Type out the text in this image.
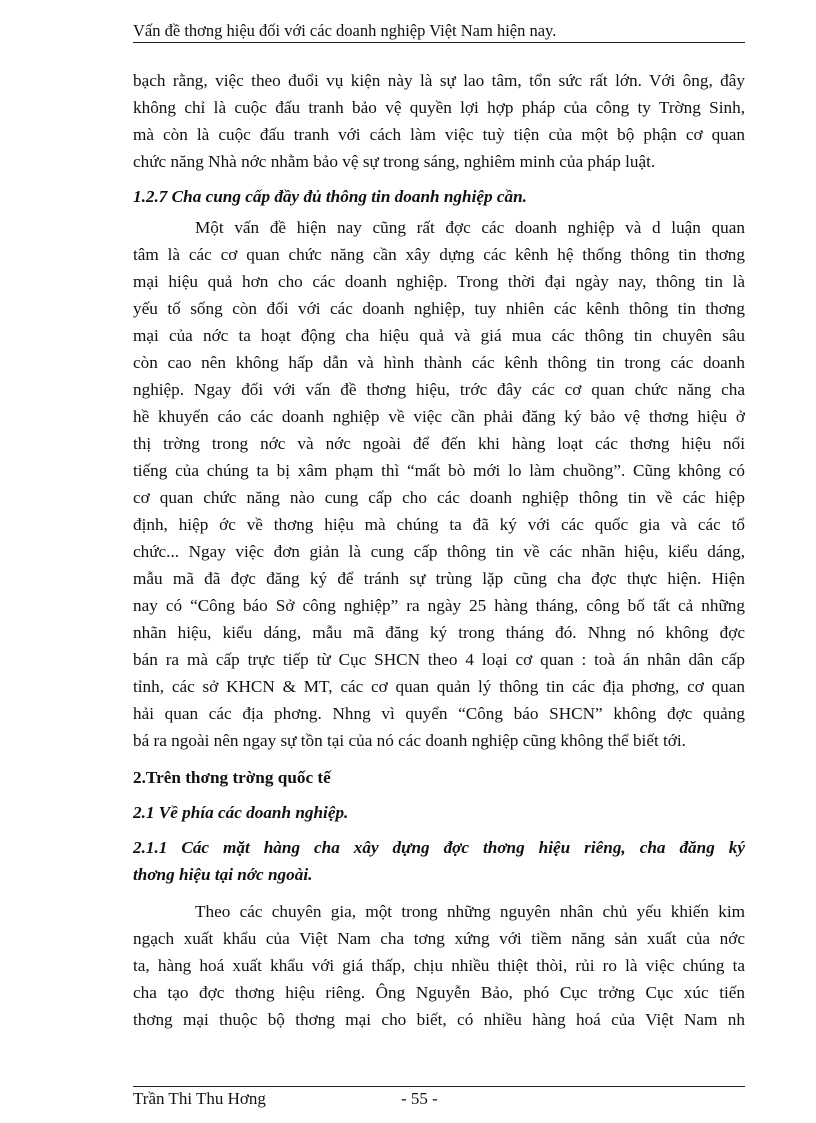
Vấn đề thơng hiệu đối với các doanh nghiệp Việt Nam hiện nay.
bạch rằng, việc theo đuổi vụ kiện này là sự lao tâm, tổn sức rất lớn. Với ông, đây
không chỉ là cuộc đấu tranh bảo vệ quyền lợi hợp pháp của công ty Trờng Sinh,
mà còn là cuộc đấu tranh với cách làm việc tuỳ tiện của một bộ phận cơ quan
chức năng Nhà nớc nhằm bảo vệ sự trong sáng, nghiêm minh của pháp luật.
1.2.7 Cha cung cấp đầy đủ thông tin doanh nghiệp cần.
Một vấn đề hiện nay cũng rất đợc các doanh nghiệp và d luận quan
tâm là các cơ quan chức năng cần xây dựng các kênh hệ thống thông tin thơng
mại hiệu quả hơn cho các doanh nghiệp. Trong thời đại ngày nay, thông tin là
yếu tố sống còn đối với các doanh nghiệp, tuy nhiên các kênh thông tin thơng
mại của nớc ta hoạt động cha hiệu quả và giá mua các thông tin chuyên sâu
còn cao nên không hấp dẫn và hình thành các kênh thông tin trong các doanh
nghiệp. Ngay đối với vấn đề thơng hiệu, trớc đây các cơ quan chức năng cha
hề khuyến cáo các doanh nghiệp về việc cần phải đăng ký bảo vệ thơng hiệu ở
thị trờng trong nớc và nớc ngoài để đến khi hàng loạt các thơng hiệu nổi
tiếng của chúng ta bị xâm phạm thì “mất bò mới lo làm chuồng”. Cũng không có
cơ quan chức năng nào cung cấp cho các doanh nghiệp thông tin về các hiệp
định, hiệp ớc về thơng hiệu mà chúng ta đã ký với các quốc gia và các tổ
chức... Ngay việc đơn giản là cung cấp thông tin về các nhãn hiệu, kiểu dáng,
mẫu mã đã đợc đăng ký để tránh sự trùng lặp cũng cha đợc thực hiện. Hiện
nay có “Công báo Sở công nghiệp” ra ngày 25 hàng tháng, công bố tất cả những
nhãn hiệu, kiểu dáng, mẫu mã đăng ký trong tháng đó. Nhng nó không đợc
bán ra mà cấp trực tiếp từ Cục SHCN theo 4 loại cơ quan : toà án nhân dân cấp
tỉnh, các sở KHCN & MT, các cơ quan quản lý thông tin các địa phơng, cơ quan
hải quan các địa phơng. Nhng vì quyển “Công báo SHCN” không đợc quảng
bá ra ngoài nên ngay sự tồn tại của nó các doanh nghiệp cũng không thể biết tới.
2.Trên thơng trờng quốc tế
2.1 Về phía các doanh nghiệp.
2.1.1 Các mặt hàng cha xây dựng đợc thơng hiệu riêng, cha đăng ký
thơng hiệu tại nớc ngoài.
Theo các chuyên gia, một trong những nguyên nhân chủ yếu khiến kim
ngạch xuất khẩu của Việt Nam cha tơng xứng với tiềm năng sản xuất của nớc
ta, hàng hoá xuất khẩu với giá thấp, chịu nhiều thiệt thòi, rủi ro là việc chúng ta
cha tạo đợc thơng hiệu riêng. Ông Nguyễn Bảo, phó Cục trởng Cục xúc tiến
thơng mại thuộc bộ thơng mại cho biết, có nhiều hàng hoá của Việt Nam nh
Trần Thi Thu Hơng	- 55 -
